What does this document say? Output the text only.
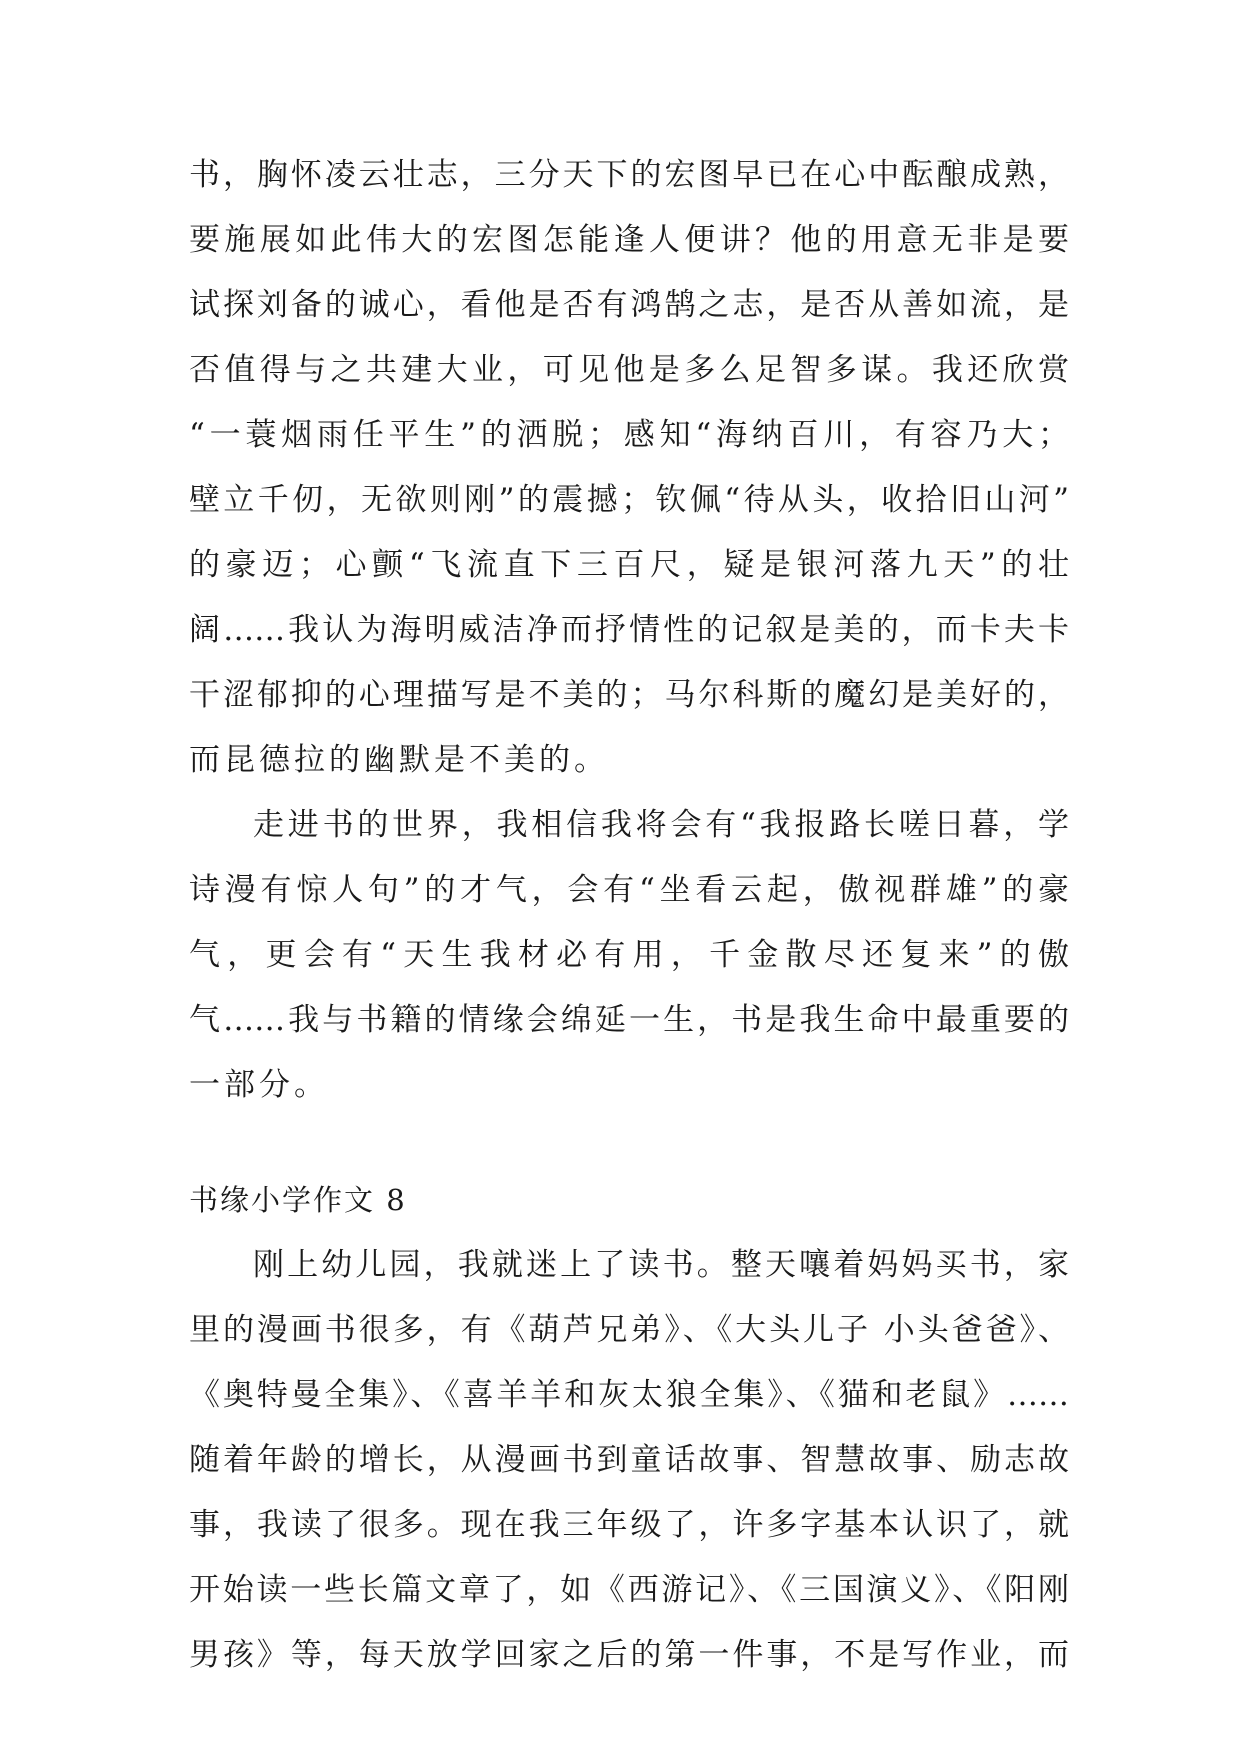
书，胸怀凌云壮志，三分天下的宏图早已在心中酝酿成熟，
要施展如此伟大的宏图怎能逢人便讲？他的用意无非是要
试探刘备的诚心，看他是否有鸿鹄之志，是否从善如流，是
否值得与之共建大业，可见他是多么足智多谋。我还欣赏
“一蓑烟雨任平生”的洒脱；感知“海纳百川，有容乃大；
壁立千仞，无欲则刚”的震撼；钦佩“待从头，收拾旧山河”
的豪迈；心颤“飞流直下三百尺，疑是银河落九天”的壮
阔……我认为海明威洁净而抒情性的记叙是美的，而卡夫卡
干涩郁抑的心理描写是不美的；马尔科斯的魔幻是美好的，
而昆德拉的幽默是不美的。
走进书的世界，我相信我将会有“我报路长嗟日暮，学
诗漫有惊人句”的才气，会有“坐看云起，傲视群雄”的豪
气，更会有“天生我材必有用，千金散尽还复来”的傲
气……我与书籍的情缘会绵延一生，书是我生命中最重要的
一部分。
书缘小学作文 8
刚上幼儿园，我就迷上了读书。整天嚷着妈妈买书，家
里的漫画书很多，有《葫芦兄弟》、《大头儿子 小头爸爸》、
《奥特曼全集》、《喜羊羊和灰太狼全集》、《猫和老鼠》……
随着年龄的增长，从漫画书到童话故事、智慧故事、励志故
事，我读了很多。现在我三年级了，许多字基本认识了，就
开始读一些长篇文章了，如《西游记》、《三国演义》、《阳刚
男孩》等，每天放学回家之后的第一件事，不是写作业，而
